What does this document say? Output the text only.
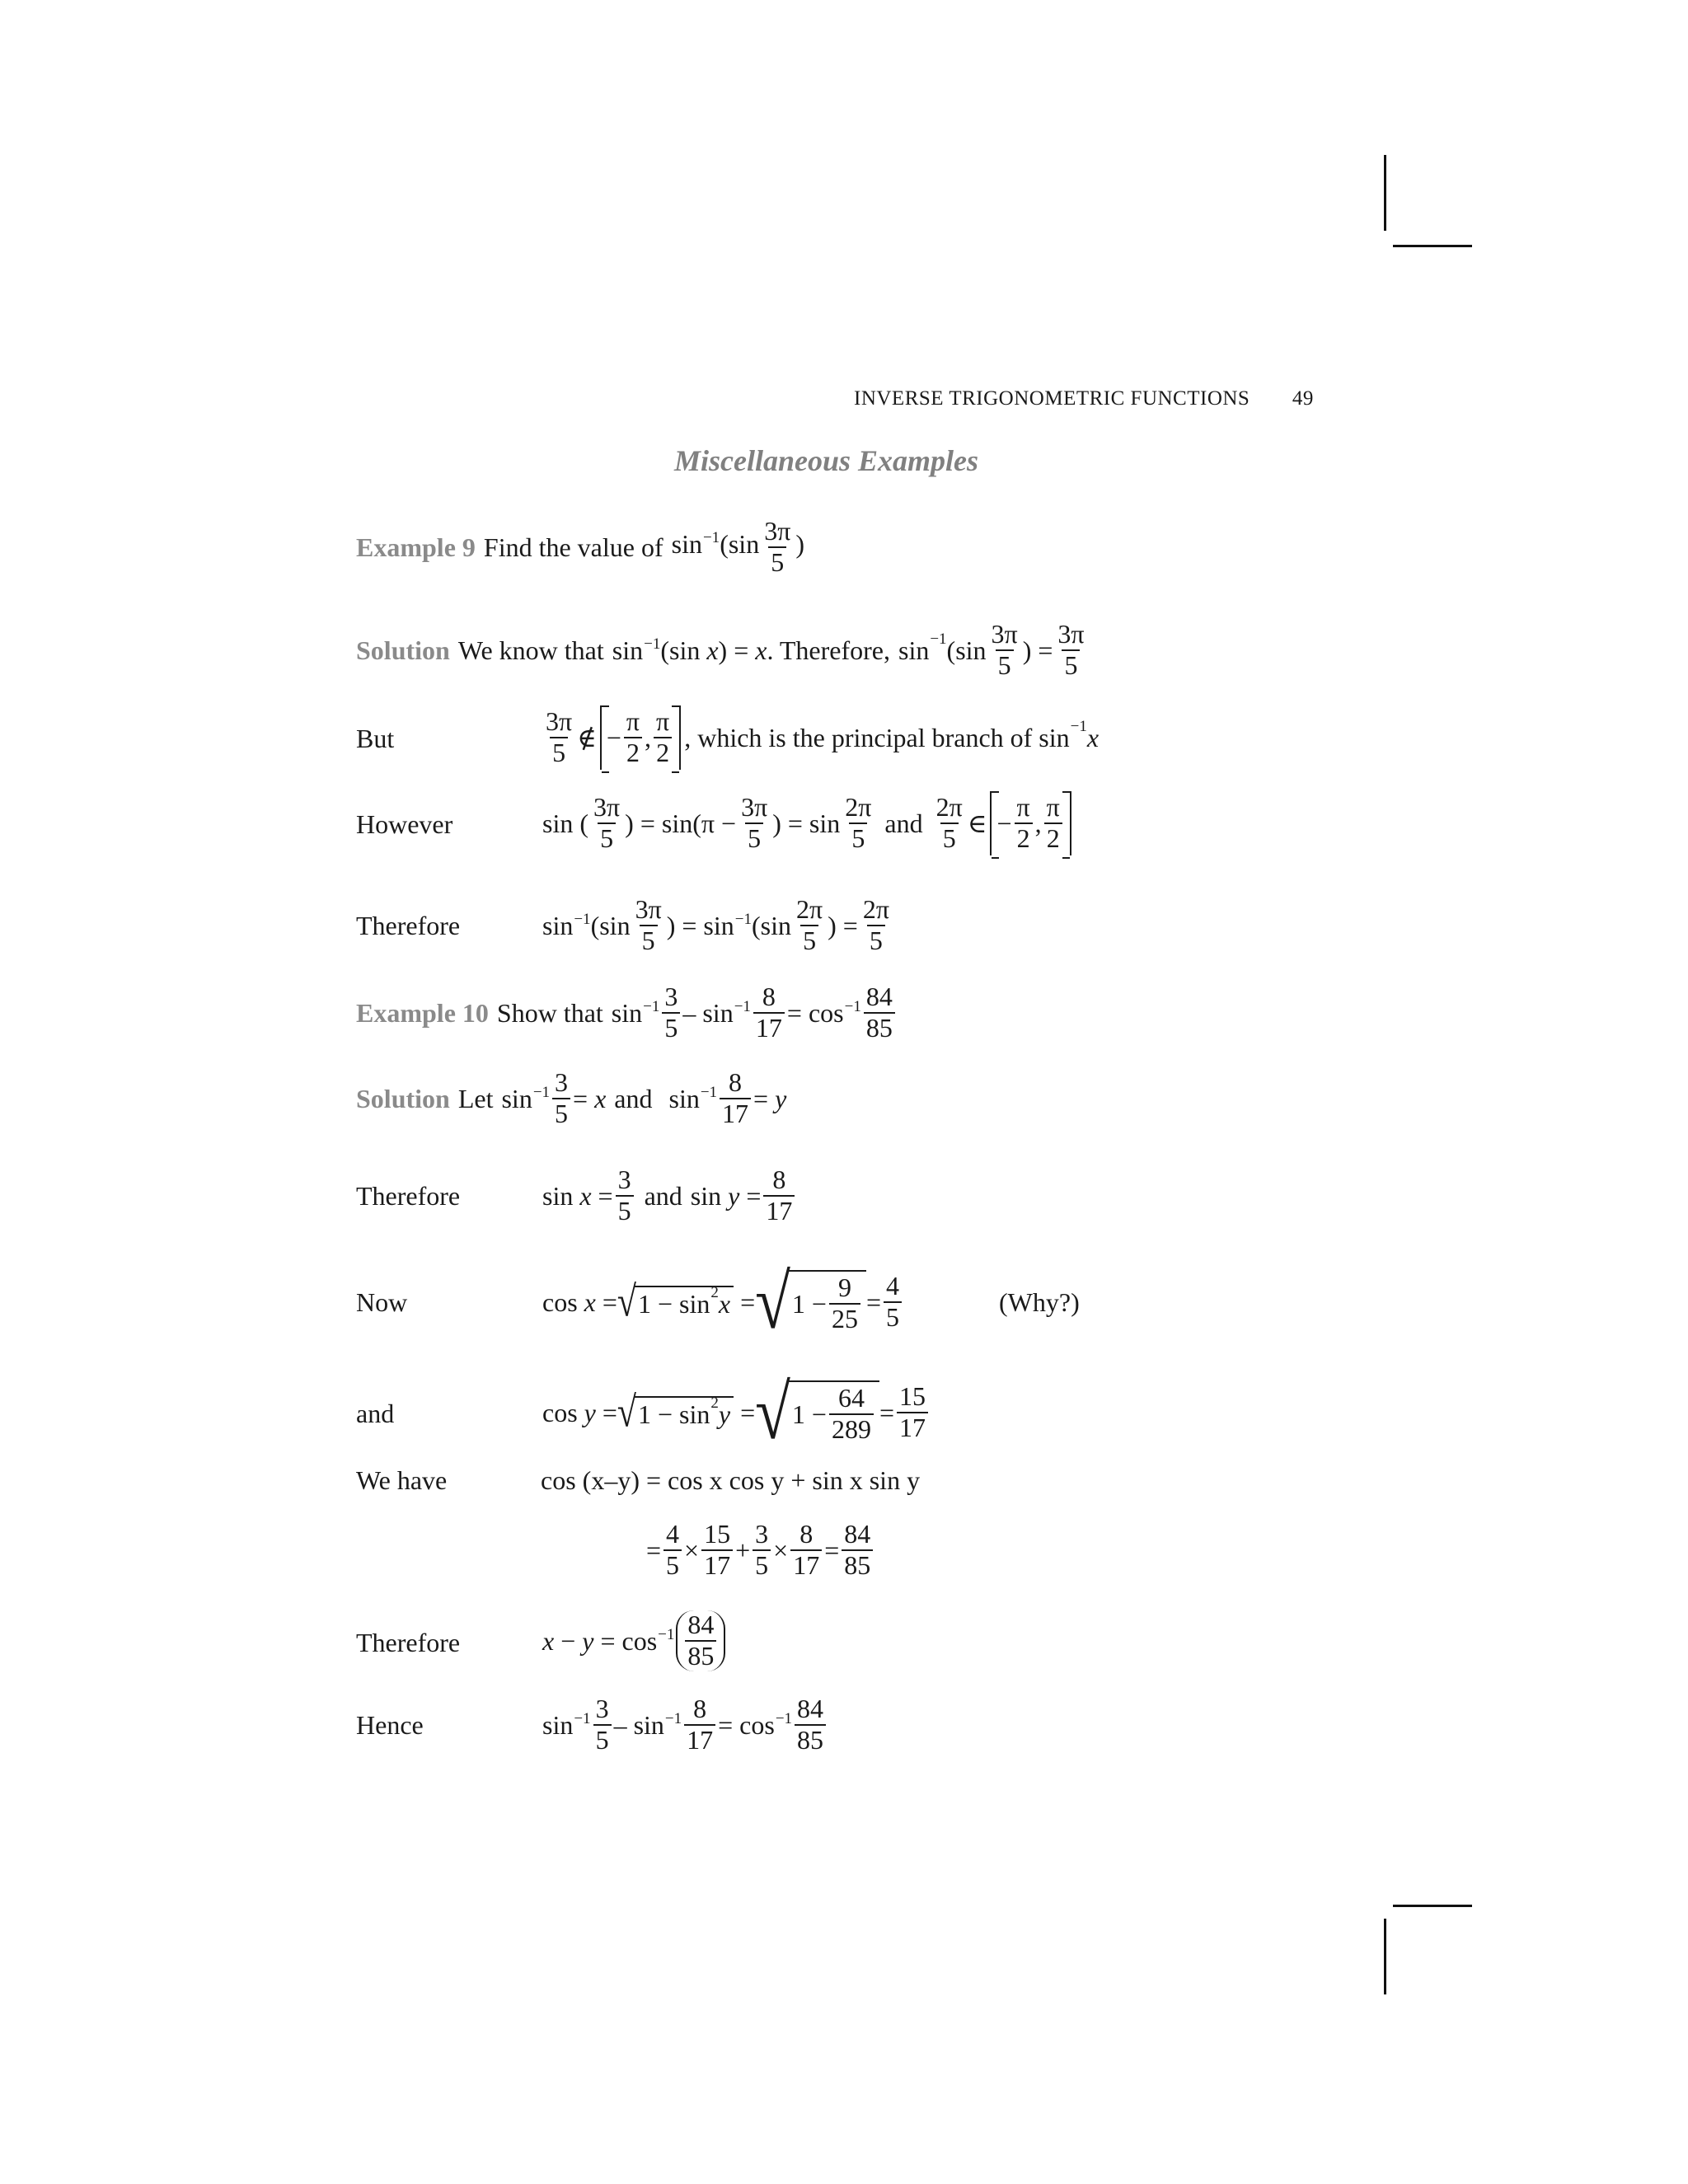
INVERSE TRIGONOMETRIC FUNCTIONS 49
Miscellaneous Examples
Example 9 Find the value of $\sin^{-1}(\sin \frac{3\pi}{5}$ )
Solution We know that $\sin^{-1}(\sin$ x) = x . Therefore, sin −1 ($\sin \frac{3\pi}{5}$ ) = $\frac{3\pi}{5}$
But	$\frac{3\pi}{5}$ ∉ − $\frac{\pi}{2}$ , $\frac{\pi}{2}$ , which is the principal branch of sin −1 x
However	sin ( $\frac{3\pi}{5}$ ) = $\sin(\pi - \frac{3\pi}{5}$ ) = $\sin \frac{2\pi}{5}$ and $\frac{2\pi}{5}$ ∈ − $\frac{\pi}{2}$ , $\frac{\pi}{2}$
Therefore	$\sin^{-1}(\sin \frac{3\pi}{5}$ ) = $\sin^{-1}(\sin \frac{2\pi}{5}$ ) = $\frac{2\pi}{5}$
Example 10 Show that $\sin^{-1} \frac{3}{5} - \sin^{-1} \frac{8}{17} = \cos^{-1} \frac{84}{85}$
Solution Let $\sin^{-1} \frac{3}{5} = x$ and $\sin^{-1} \frac{8}{17} = y$
Therefore	$\sin x = \frac{3}{5}$ and $\sin y = \frac{8}{17}$
Now	cos x = √ 1 − sin 2 x = √ $1 - \frac{9}{25} = \frac{4}{5}$	(Why?)
and	cos y = √ 1 − sin 2 y = √ $1 - \frac{64}{289} = \frac{15}{17}$
We have	cos (x–y) = cos x cos y + sin x sin y
= $\frac{4}{5} \times \frac{15}{17} + \frac{3}{5} \times \frac{8}{17} = \frac{84}{85}$
Therefore	$x - y = \cos^{-1} \frac{84}{85}$
Hence	$\sin^{-1} \frac{3}{5} - \sin^{-1} \frac{8}{17} = \cos^{-1} \frac{84}{85}$
